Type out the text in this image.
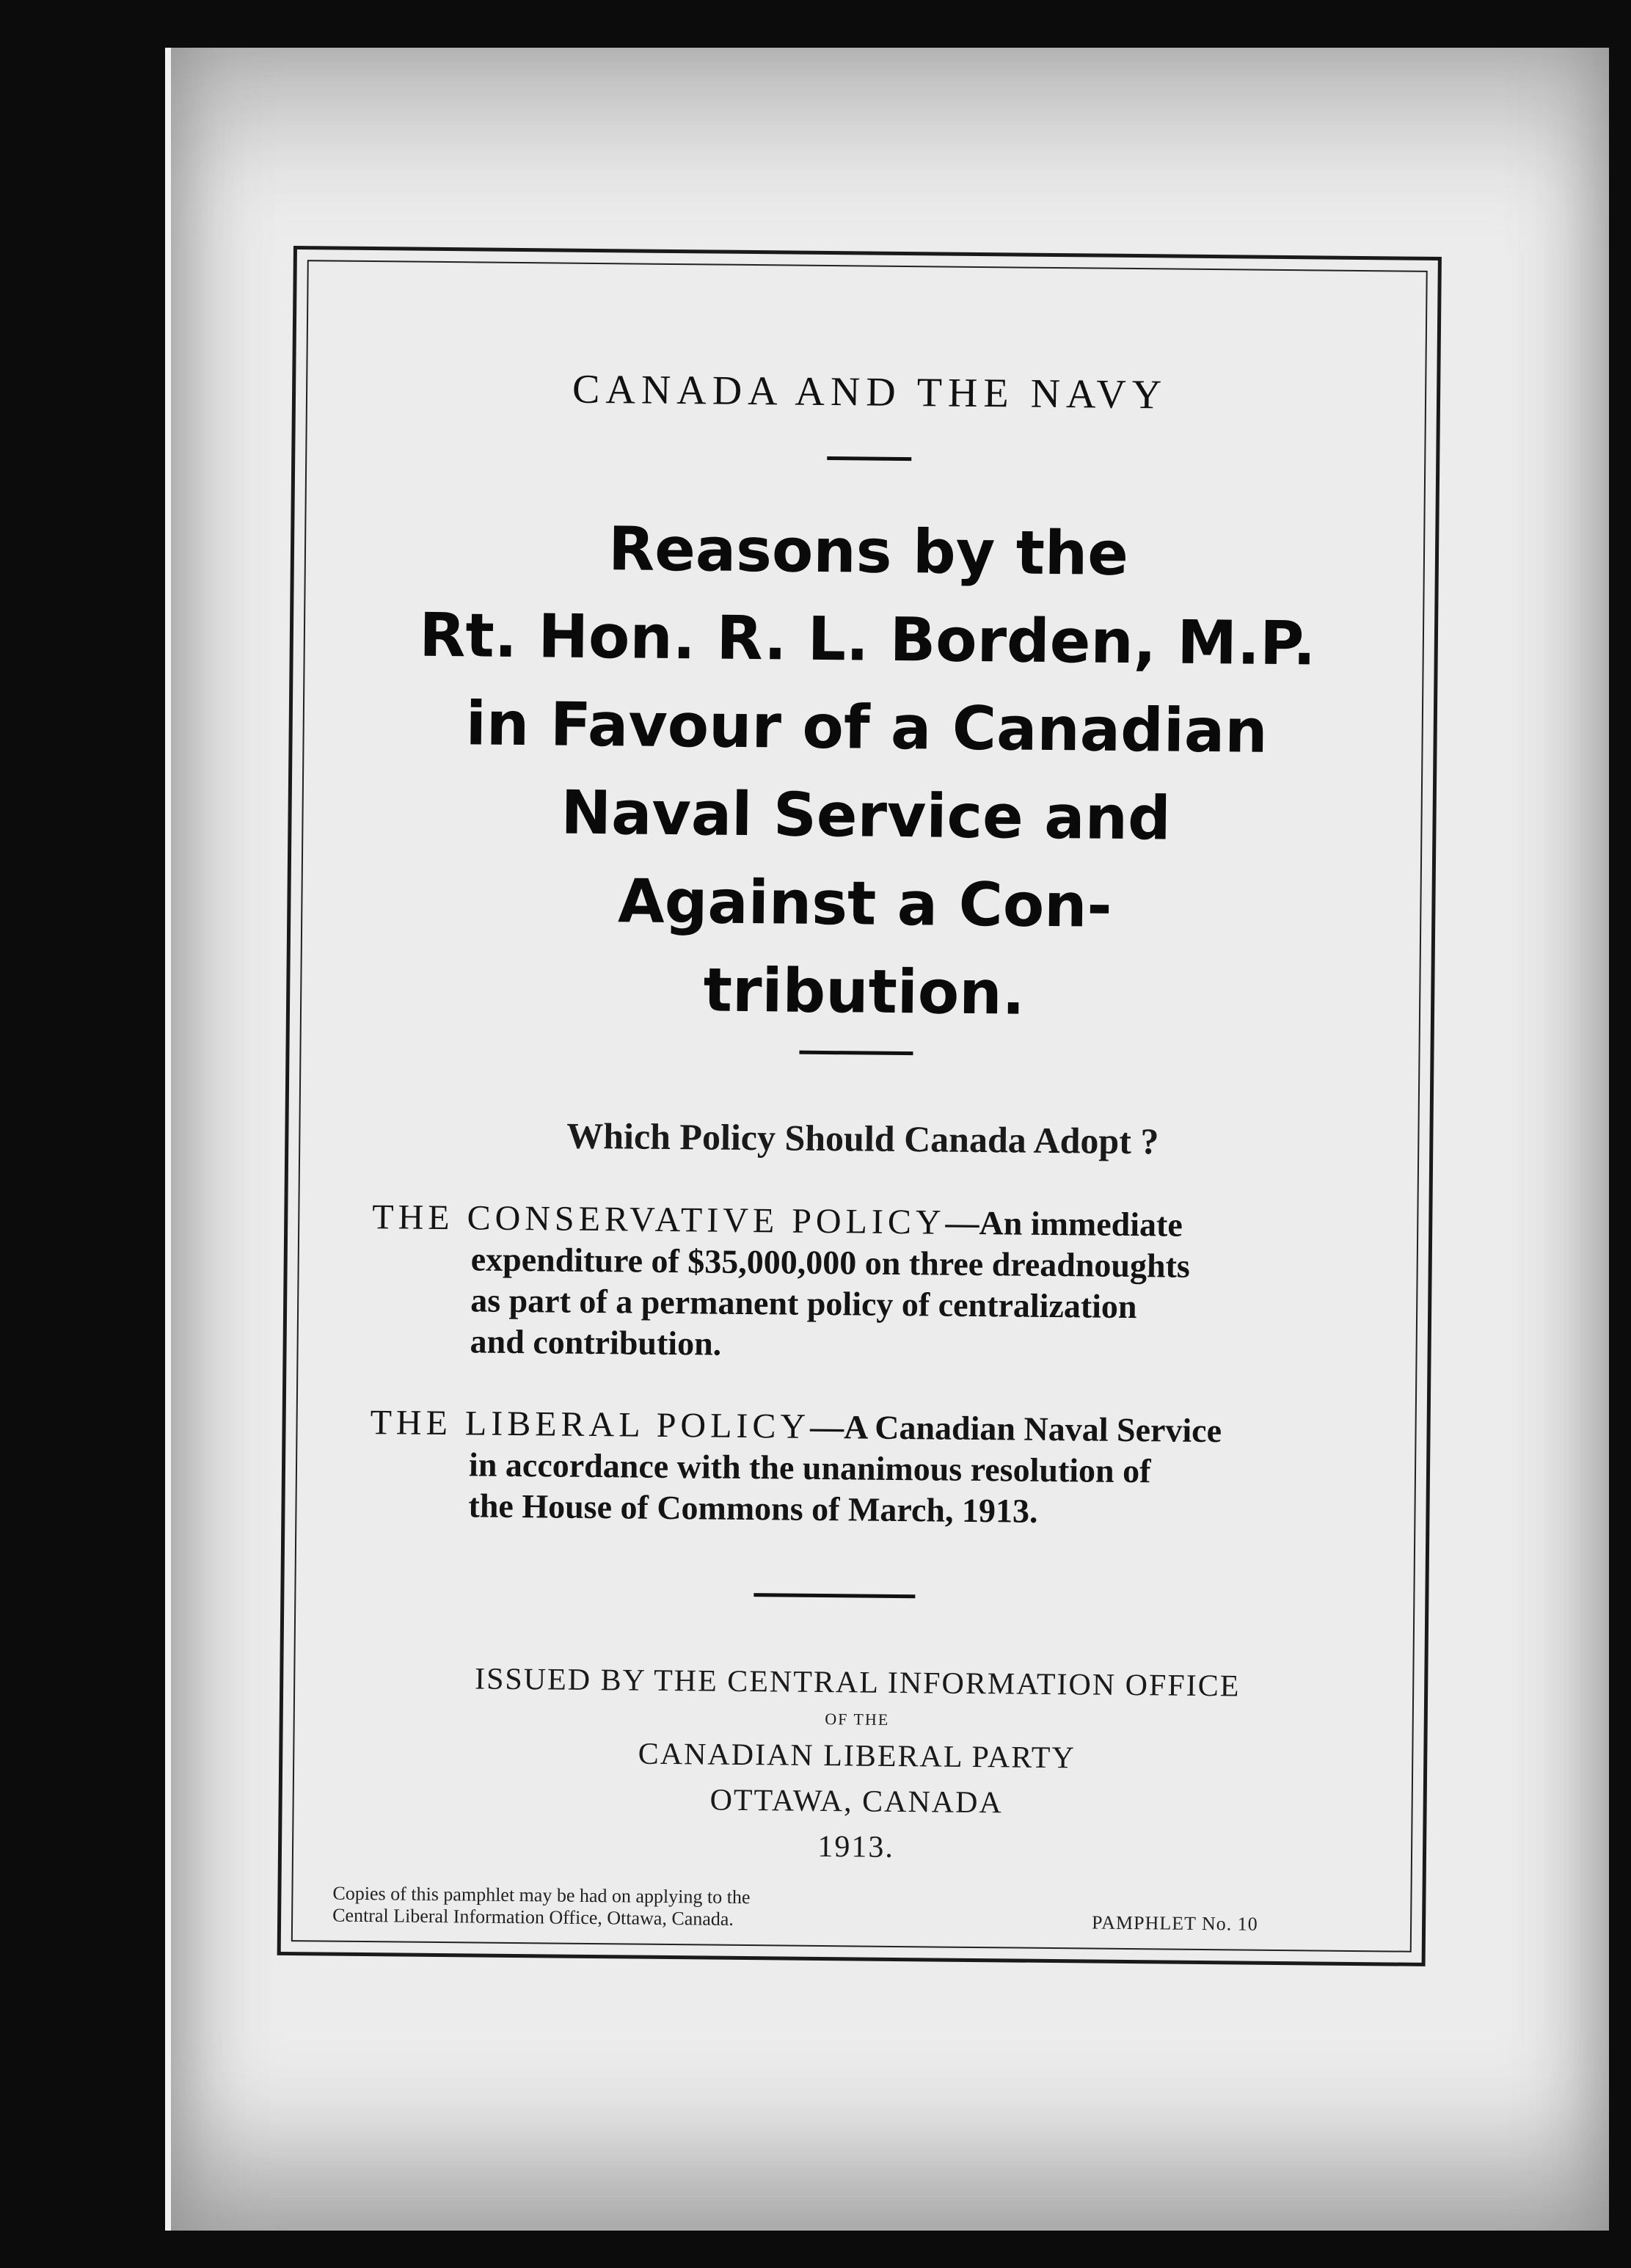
CANADA AND THE NAVY
Reasons by the
Rt. Hon. R. L. Borden, M.P.
in Favour of a Canadian
Naval Service and
Against a Con-
tribution.
Which Policy Should Canada Adopt ?
THE CONSERVATIVE POLICY—An immediate
expenditure of $35,000,000 on three dreadnoughts
as part of a permanent policy of centralization
and contribution.
THE LIBERAL POLICY—A Canadian Naval Service
in accordance with the unanimous resolution of
the House of Commons of March, 1913.
ISSUED BY THE CENTRAL INFORMATION OFFICE
OF THE
CANADIAN LIBERAL PARTY
OTTAWA, CANADA
1913.
Copies of this pamphlet may be had on applying to the
Central Liberal Information Office, Ottawa, Canada.	PAMPHLET No. 10
